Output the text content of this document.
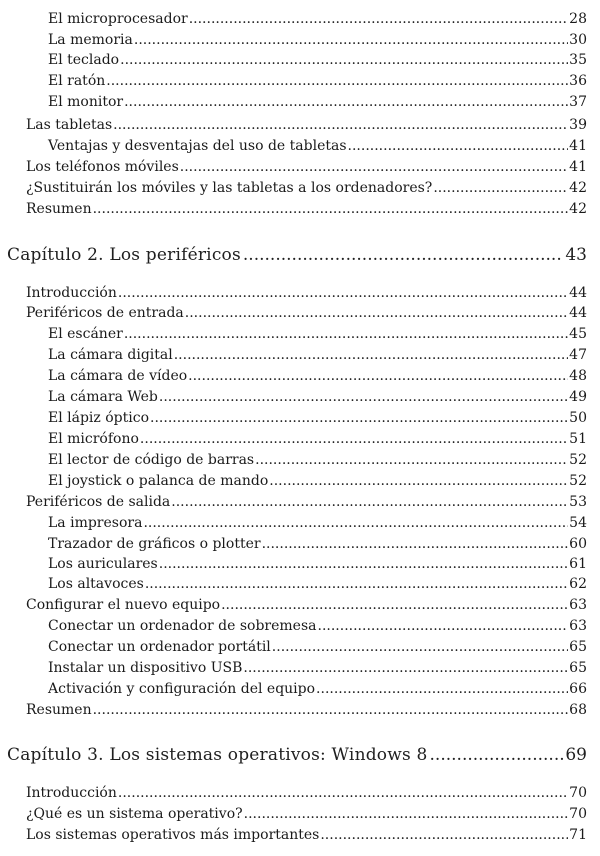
El microprocesador .....	28
La memoria .....	30
El teclado .....	35
El ratón .....	36
El monitor .....	37
Las tabletas .....	39
Ventajas y desventajas del uso de tabletas .....	41
Los teléfonos móviles .....	41
¿Sustituirán los móviles y las tabletas a los ordenadores? .....	42
Resumen .....	42
Capítulo 2. Los periféricos .....	43
Introducción .....	44
Periféricos de entrada .....	44
El escáner .....	45
La cámara digital .....	47
La cámara de vídeo .....	48
La cámara Web .....	49
El lápiz óptico .....	50
El micrófono .....	51
El lector de código de barras .....	52
El joystick o palanca de mando .....	52
Periféricos de salida .....	53
La impresora .....	54
Trazador de gráficos o plotter .....	60
Los auriculares .....	61
Los altavoces .....	62
Configurar el nuevo equipo .....	63
Conectar un ordenador de sobremesa .....	63
Conectar un ordenador portátil .....	65
Instalar un dispositivo USB .....	65
Activación y configuración del equipo .....	66
Resumen .....	68
Capítulo 3. Los sistemas operativos: Windows 8 .....	69
Introducción .....	70
¿Qué es un sistema operativo? .....	70
Los sistemas operativos más importantes .....	71
